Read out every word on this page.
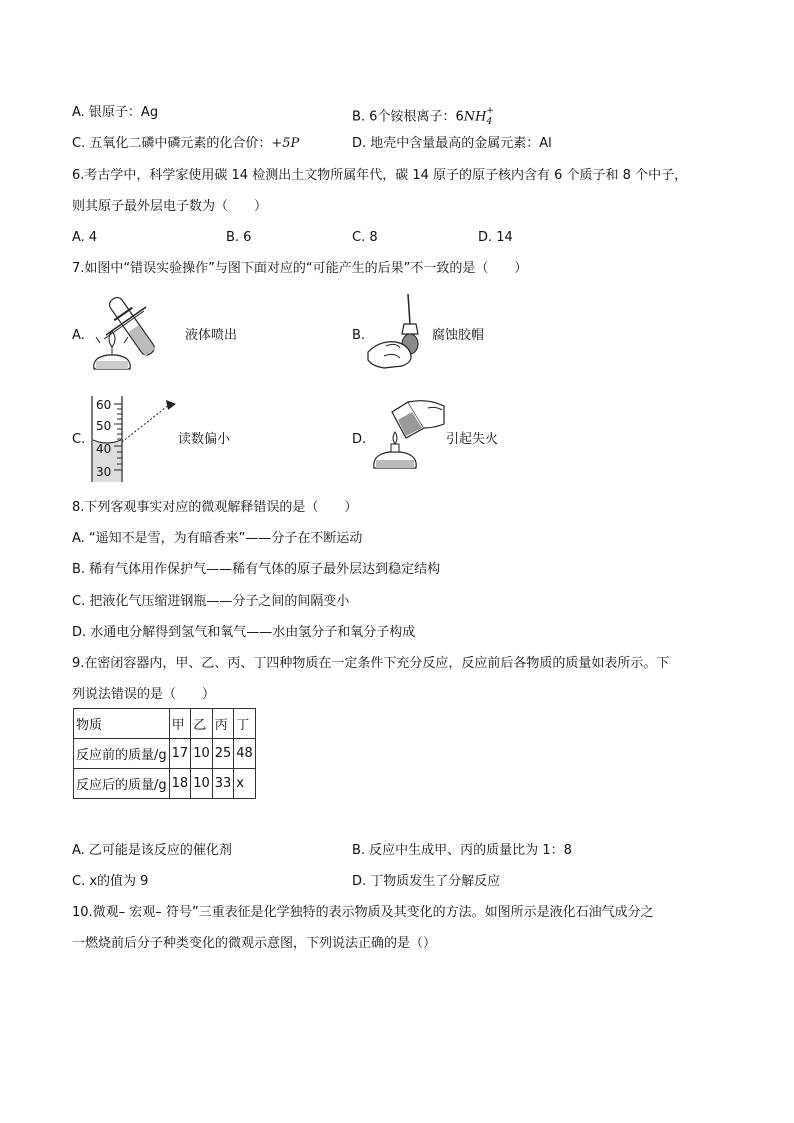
A. 银原子：Ag	B. 6个铵根离子：$6NH_4^+$
C. 五氧化二磷中磷元素的化合价：+5P	D. 地壳中含量最高的金属元素：Al
6.考古学中，科学家使用碳 14 检测出土文物所属年代，碳 14 原子的原子核内含有 6 个质子和 8 个中子，
则其原子最外层电子数为（　　）
A. 4	B. 6	C. 8	D. 14
7.如图中“错误实验操作”与图下面对应的“可能产生的后果”不一致的是（　　）
A.	液体喷出	B.	腐蚀胶帽
C.
60
50
40
30
读数偏小	D.	引起失火
8.下列客观事实对应的微观解释错误的是（　　）
A. “遥知不是雪，为有暗香来”——分子在不断运动
B. 稀有气体用作保护气——稀有气体的原子最外层达到稳定结构
C. 把液化气压缩进钢瓶——分子之间的间隔变小
D. 水通电分解得到氢气和氧气——水由氢分子和氧分子构成
9.在密闭容器内，甲、乙、丙、丁四种物质在一定条件下充分反应，反应前后各物质的质量如表所示。下
列说法错误的是（　　）
物质	甲	乙	丙	丁
反应前的质量/g	17	10	25	48
反应后的质量/g	18	10	33	x
A. 乙可能是该反应的催化剂	B. 反应中生成甲、丙的质量比为 1：8
C. x的值为 9	D. 丁物质发生了分解反应
10.微观– 宏观– 符号”三重表征是化学独特的表示物质及其变化的方法。如图所示是液化石油气成分之
一燃烧前后分子种类变化的微观示意图，下列说法正确的是（）
